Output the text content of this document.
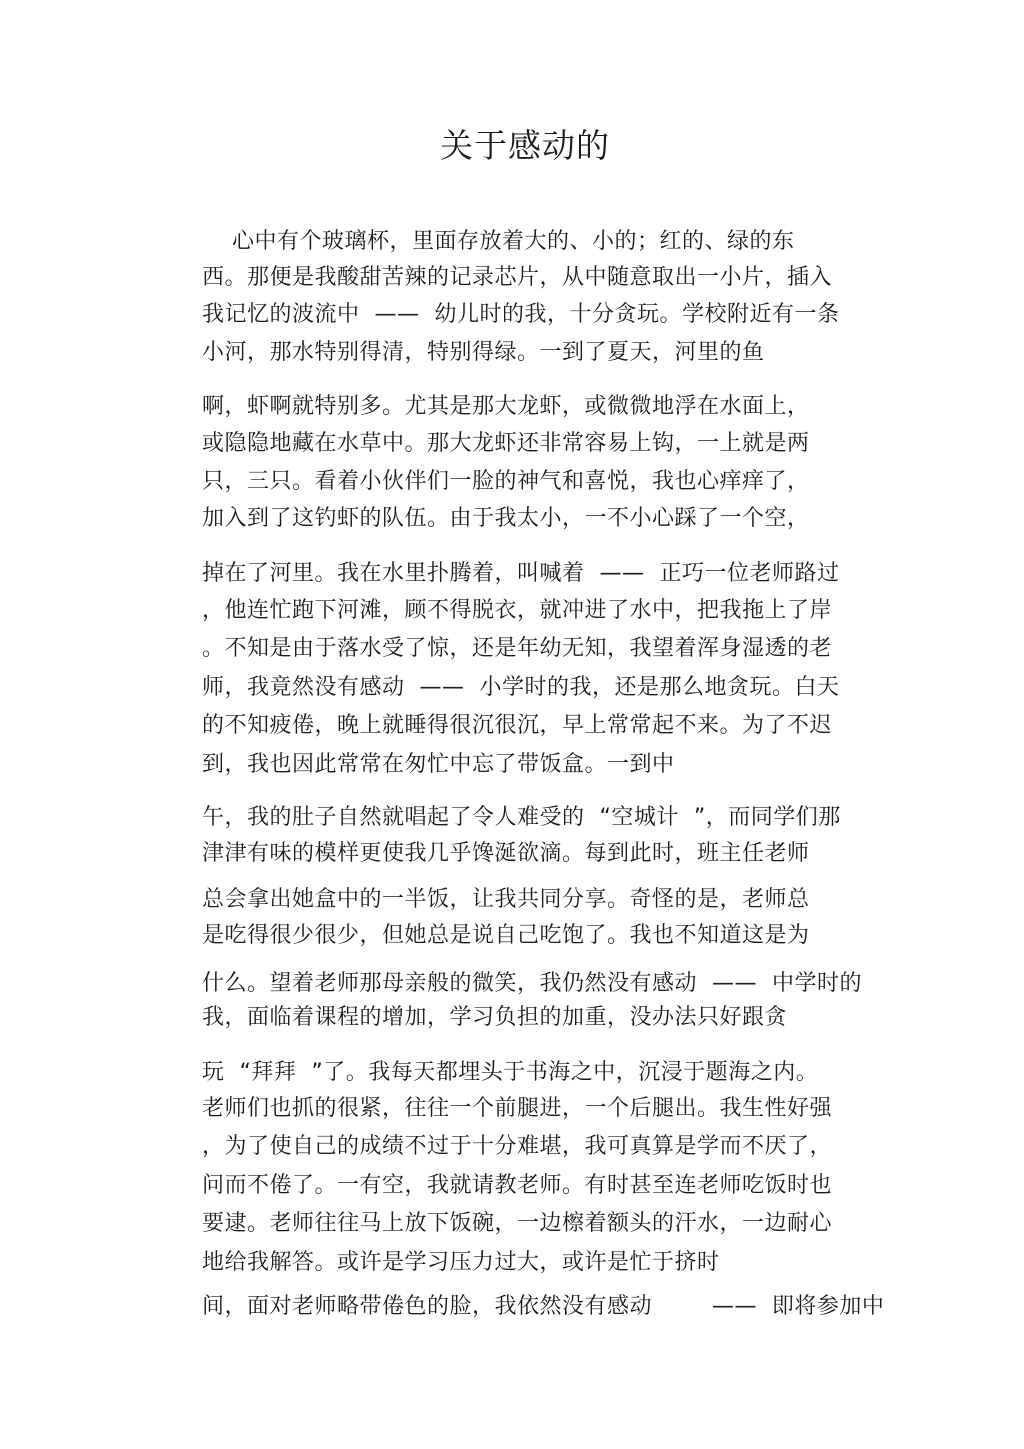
关于感动的
心中有个玻璃杯，里面存放着大的、小的；红的、绿的东
西。那便是我酸甜苦辣的记录芯片，从中随意取出一小片，插入
我记忆的波流中  ——  幼儿时的我，十分贪玩。学校附近有一条
小河，那水特别得清，特别得绿。一到了夏天，河里的鱼
啊，虾啊就特别多。尤其是那大龙虾，或微微地浮在水面上，
或隐隐地藏在水草中。那大龙虾还非常容易上钩，一上就是两
只，三只。看着小伙伴们一脸的神气和喜悦，我也心痒痒了，
加入到了这钓虾的队伍。由于我太小，一不小心踩了一个空，
掉在了河里。我在水里扑腾着，叫喊着  ——  正巧一位老师路过
，他连忙跑下河滩，顾不得脱衣，就冲进了水中，把我拖上了岸
。不知是由于落水受了惊，还是年幼无知，我望着浑身湿透的老
师，我竟然没有感动  ——  小学时的我，还是那么地贪玩。白天
的不知疲倦，晚上就睡得很沉很沉，早上常常起不来。为了不迟
到，我也因此常常在匆忙中忘了带饭盒。一到中
午，我的肚子自然就唱起了令人难受的  “空城计  ”，而同学们那
津津有味的模样更使我几乎馋涎欲滴。每到此时，班主任老师
总会拿出她盒中的一半饭，让我共同分享。奇怪的是，老师总
是吃得很少很少，但她总是说自己吃饱了。我也不知道这是为
什么。望着老师那母亲般的微笑，我仍然没有感动  ——  中学时的
我，面临着课程的增加，学习负担的加重，没办法只好跟贪
玩  “拜拜  ”了。我每天都埋头于书海之中，沉浸于题海之内。
老师们也抓的很紧，往往一个前腿进，一个后腿出。我生性好强
，为了使自己的成绩不过于十分难堪，我可真算是学而不厌了，
问而不倦了。一有空，我就请教老师。有时甚至连老师吃饭时也
要逮。老师往往马上放下饭碗，一边檫着额头的汗水，一边耐心
地给我解答。或许是学习压力过大，或许是忙于挤时
间，面对老师略带倦色的脸，我依然没有感动        ——  即将参加中
